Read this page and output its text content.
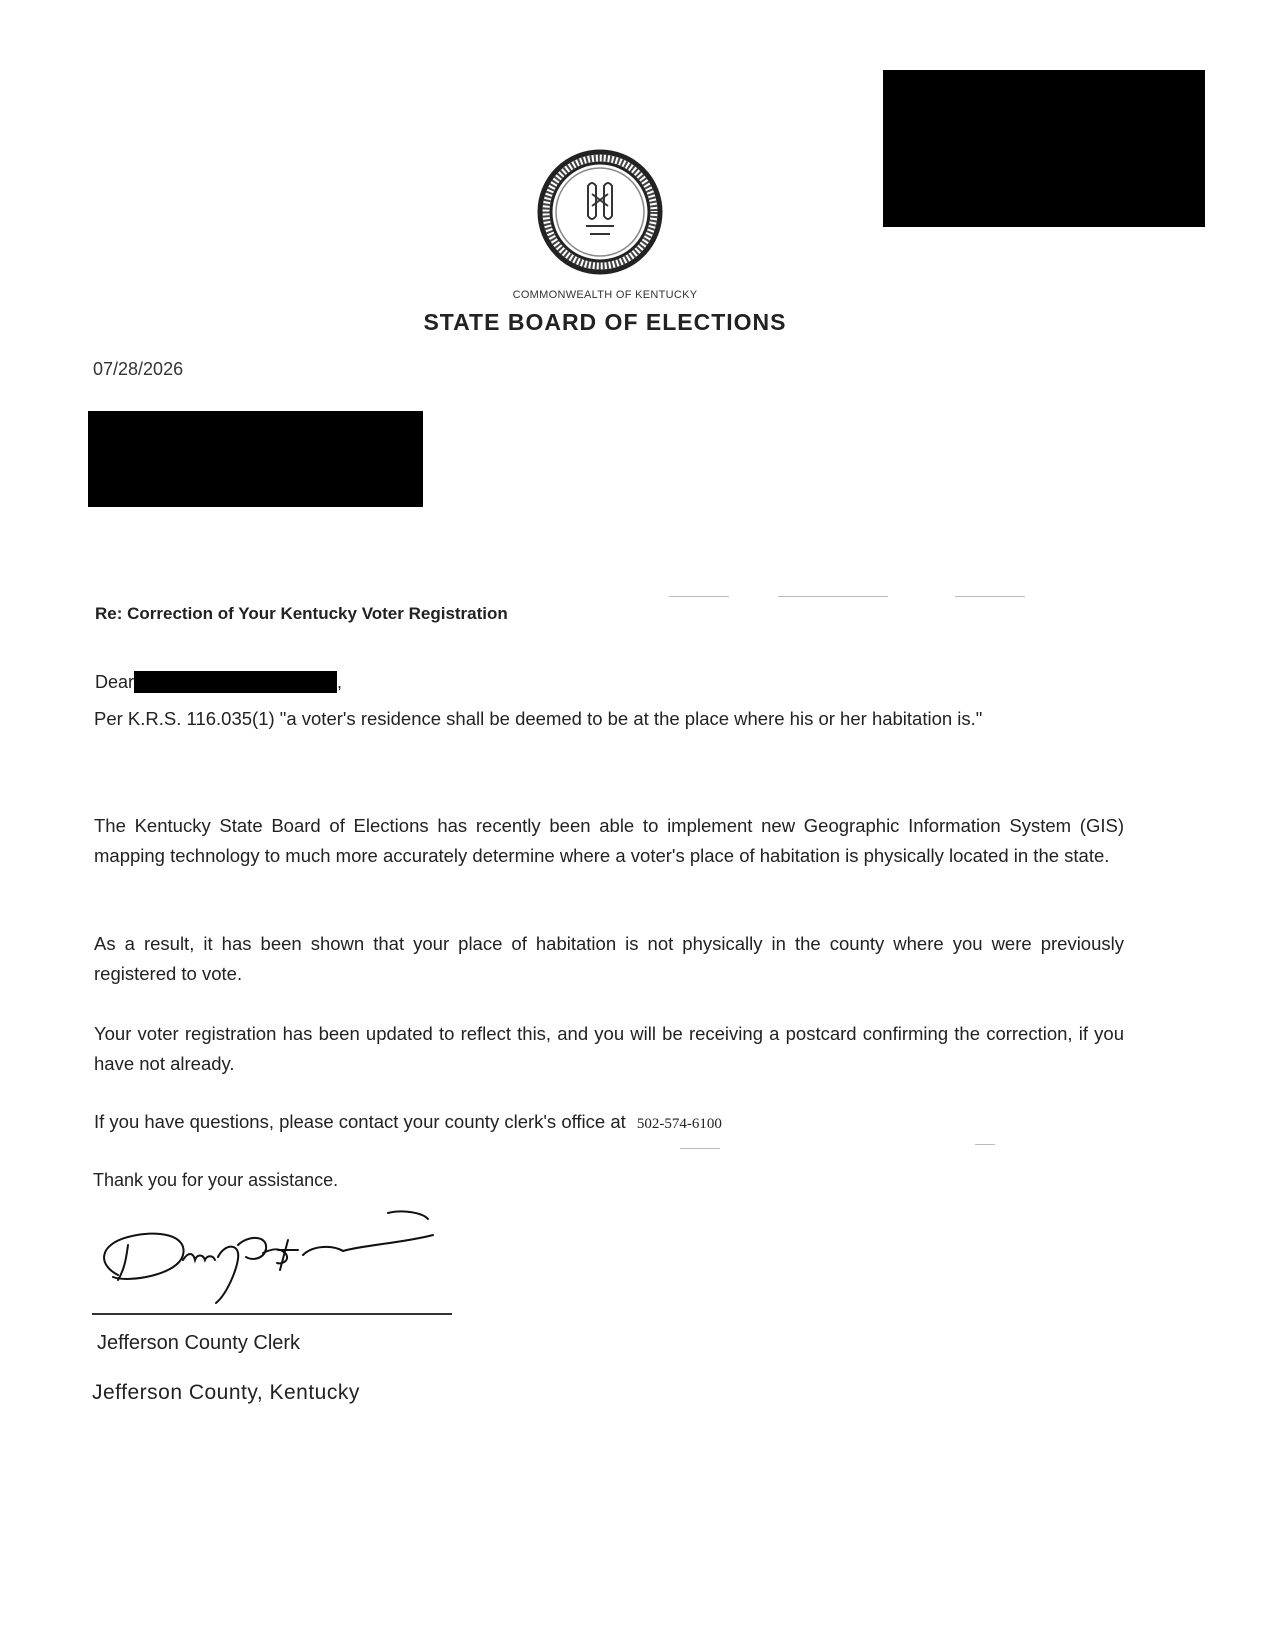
COMMONWEALTH OF KENTUCKY
STATE BOARD OF ELECTIONS
07/28/2026
Re: Correction of Your Kentucky Voter Registration
Dear	,
Per K.R.S. 116.035(1) "a voter's residence shall be deemed to be at the place where his or her habitation is."
The Kentucky State Board of Elections has recently been able to implement new Geographic Information System (GIS) mapping technology to much more accurately determine where a voter's place of habitation is physically located in the state.
As a result, it has been shown that your place of habitation is not physically in the county where you were previously registered to vote.
Your voter registration has been updated to reflect this, and you will be receiving a postcard confirming the correction, if you have not already.
If you have questions, please contact your county clerk's office at 502-574-6100
Thank you for your assistance.
Jefferson County Clerk
Jefferson County, Kentucky
